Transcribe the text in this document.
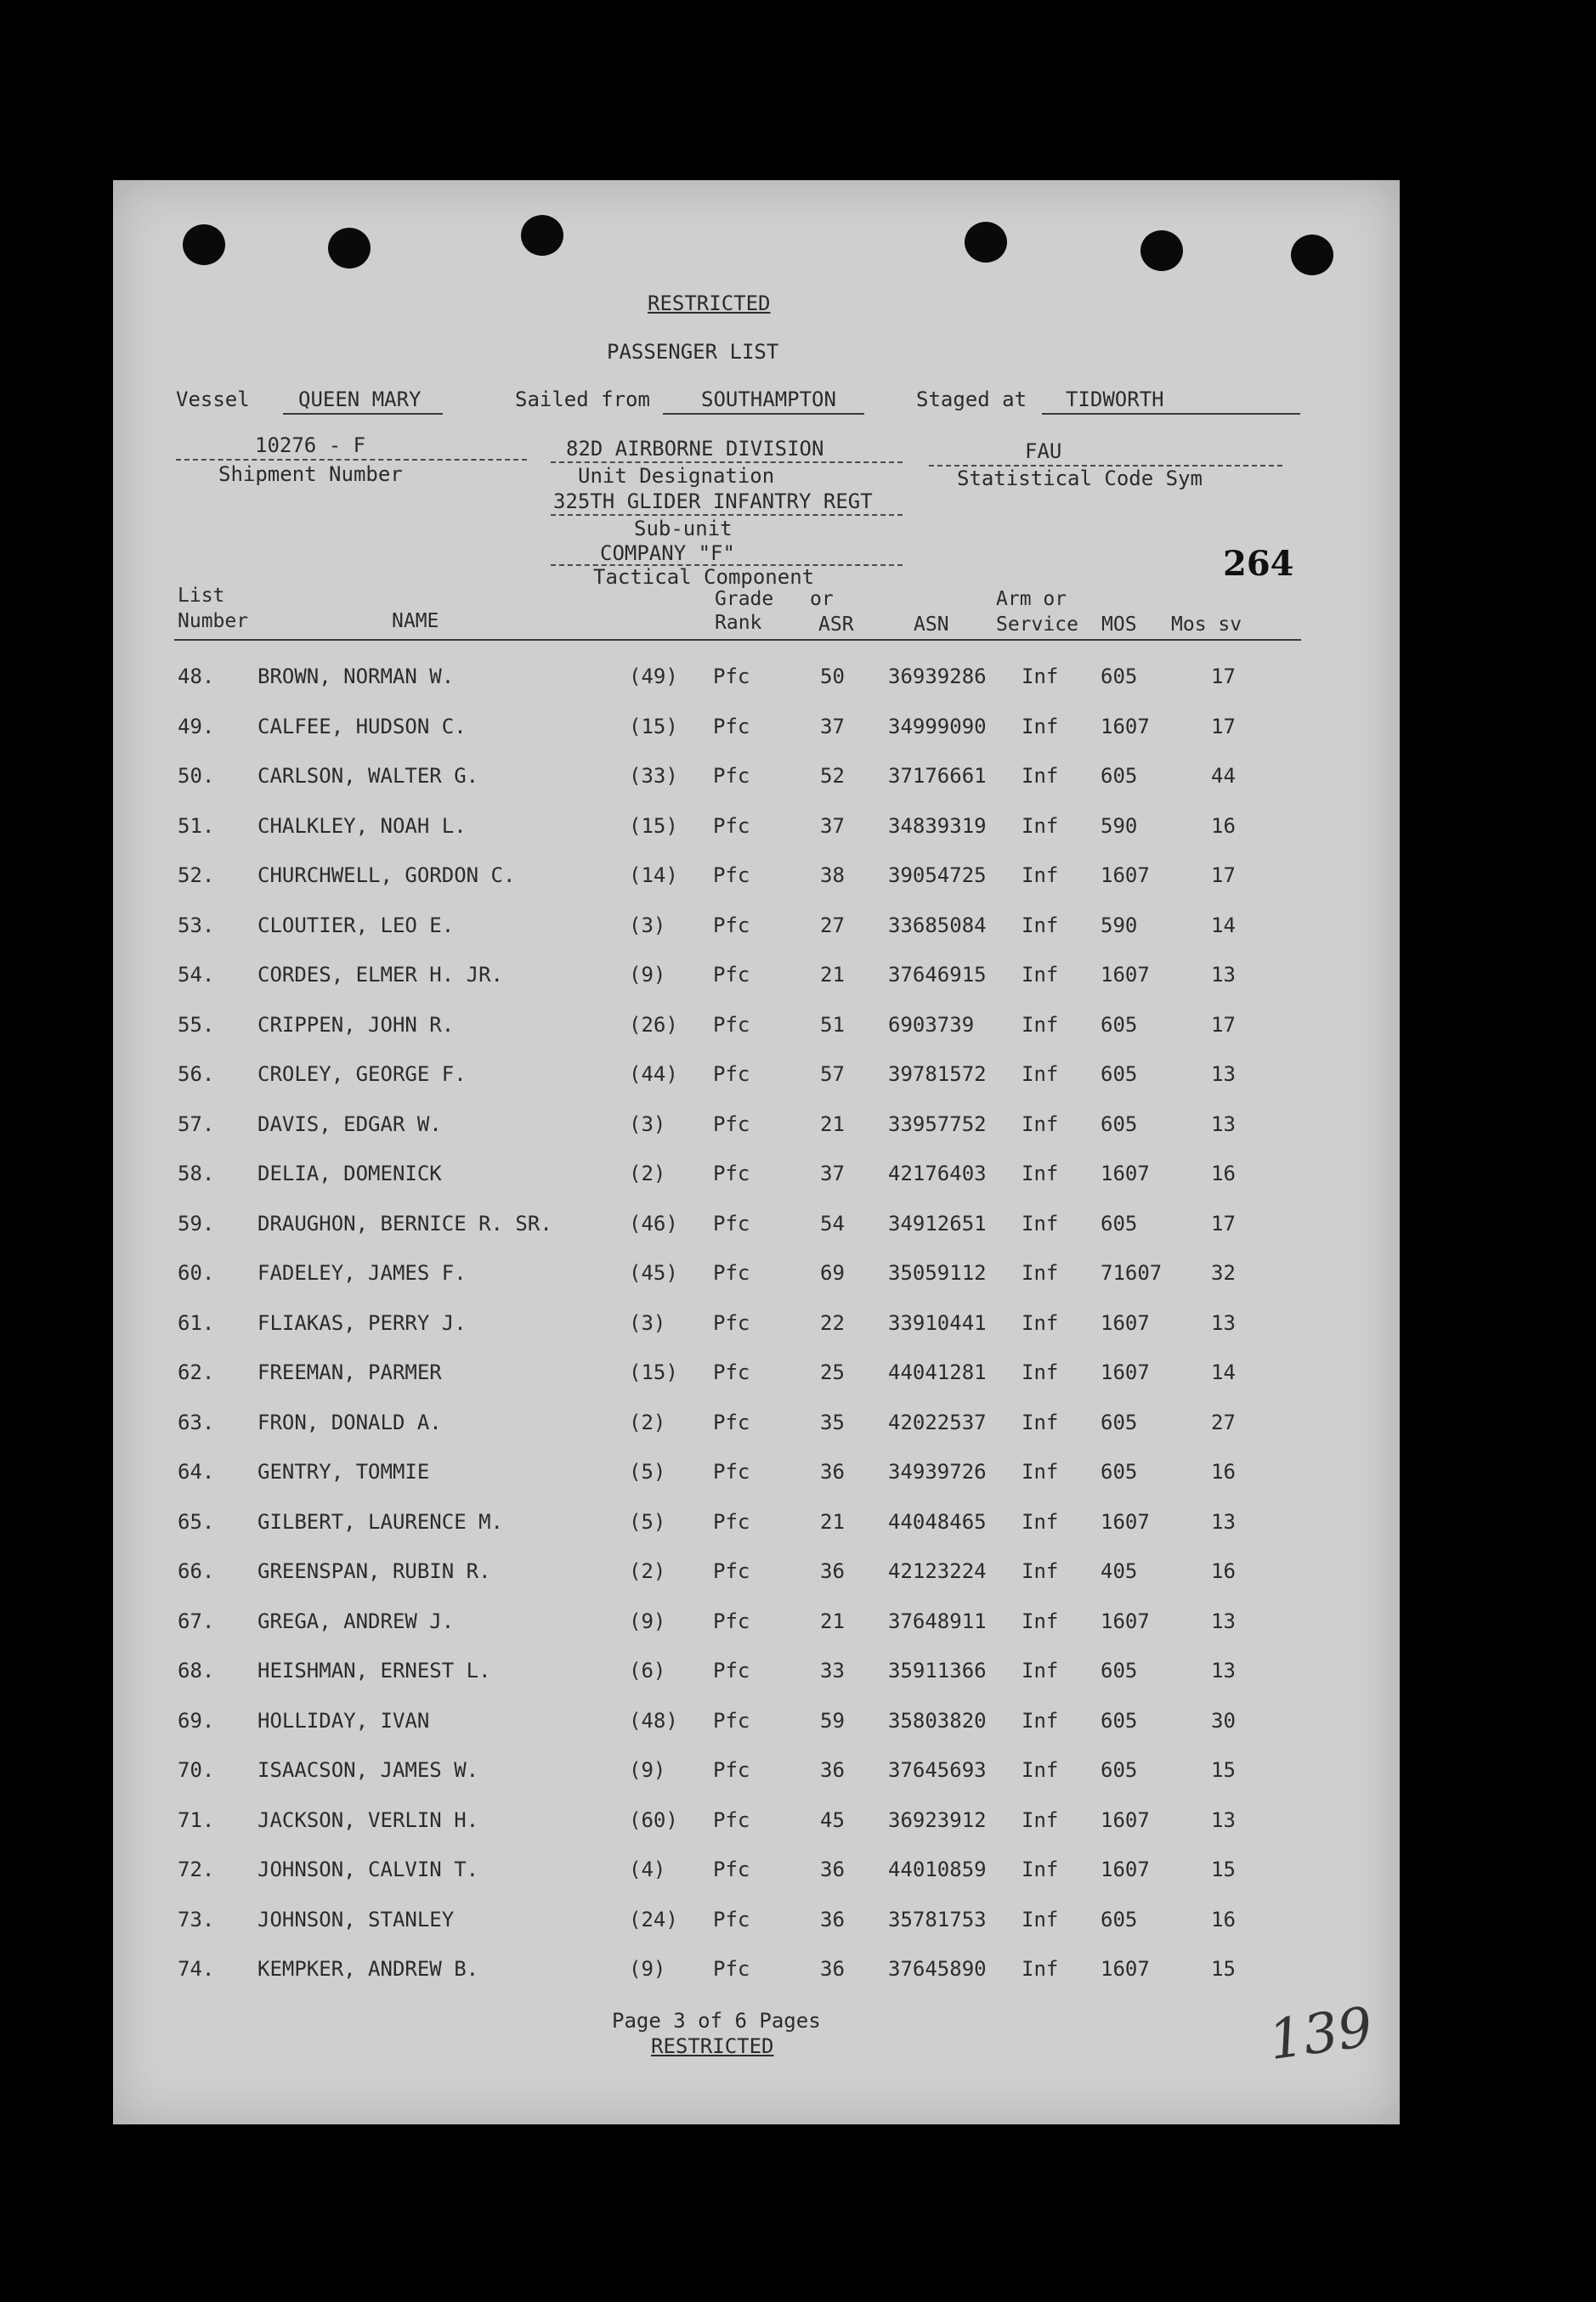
RESTRICTED
PASSENGER LIST
Vessel QUEEN MARY	Sailed from	SOUTHAMPTON	Staged at TIDWORTH
10276 - F
Shipment Number
82D AIRBORNE DIVISION
Unit Designation
325TH GLIDER INFANTRY REGT
Sub-unit
COMPANY "F"
Tactical Component
FAU
Statistical Code Sym
264
List
Number	NAME
Grade
Rank
or
ASR	ASN
Arm or
Service MOS Mos sv
48. BROWN, NORMAN W.	(49) Pfc	50 36939286 Inf 605	17
49. CALFEE, HUDSON C.	(15) Pfc	37 34999090 Inf 1607	17
50. CARLSON, WALTER G.	(33) Pfc	52 37176661 Inf 605	44
51. CHALKLEY, NOAH L.	(15) Pfc	37 34839319 Inf 590	16
52. CHURCHWELL, GORDON C.	(14) Pfc	38 39054725 Inf 1607	17
53. CLOUTIER, LEO E.	(3) Pfc	27 33685084 Inf 590	14
54. CORDES, ELMER H. JR.	(9) Pfc	21 37646915 Inf 1607	13
55. CRIPPEN, JOHN R.	(26) Pfc	51 6903739 Inf 605	17
56. CROLEY, GEORGE F.	(44) Pfc	57 39781572 Inf 605	13
57. DAVIS, EDGAR W.	(3) Pfc	21 33957752 Inf 605	13
58. DELIA, DOMENICK	(2) Pfc	37 42176403 Inf 1607	16
59. DRAUGHON, BERNICE R. SR.	(46) Pfc	54 34912651 Inf 605	17
60. FADELEY, JAMES F.	(45) Pfc	69 35059112 Inf 71607 32
61. FLIAKAS, PERRY J.	(3) Pfc	22 33910441 Inf 1607	13
62. FREEMAN, PARMER	(15) Pfc	25 44041281 Inf 1607	14
63. FRON, DONALD A.	(2) Pfc	35 42022537 Inf 605	27
64. GENTRY, TOMMIE	(5) Pfc	36 34939726 Inf 605	16
65. GILBERT, LAURENCE M.	(5) Pfc	21 44048465 Inf 1607	13
66. GREENSPAN, RUBIN R.	(2) Pfc	36 42123224 Inf 405	16
67. GREGA, ANDREW J.	(9) Pfc	21 37648911 Inf 1607	13
68. HEISHMAN, ERNEST L.	(6) Pfc	33 35911366 Inf 605	13
69. HOLLIDAY, IVAN	(48) Pfc	59 35803820 Inf 605	30
70. ISAACSON, JAMES W.	(9) Pfc	36 37645693 Inf 605	15
71. JACKSON, VERLIN H.	(60) Pfc	45 36923912 Inf 1607	13
72. JOHNSON, CALVIN T.	(4) Pfc	36 44010859 Inf 1607	15
73. JOHNSON, STANLEY	(24) Pfc	36 35781753 Inf 605	16
74. KEMPKER, ANDREW B.	(9) Pfc	36 37645890 Inf 1607	15
Page 3 of 6 Pages
RESTRICTED	139
